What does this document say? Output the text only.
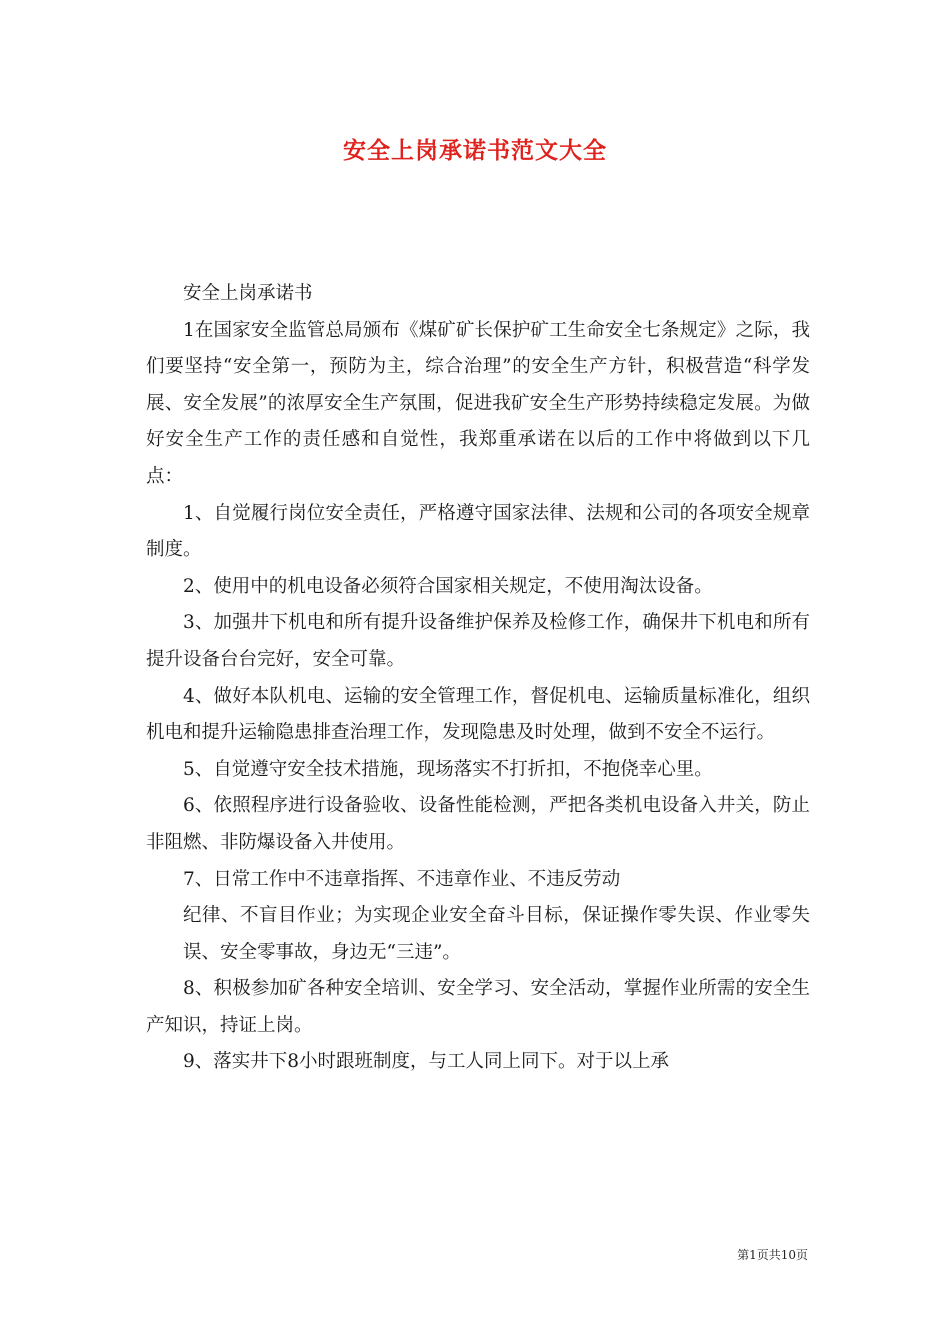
安全上岗承诺书范文大全

安全上岗承诺书

1在国家安全监管总局颁布《煤矿矿长保护矿工生命安全七条规定》之际，我们要坚持“安全第一，预防为主，综合治理”的安全生产方针，积极营造“科学发展、安全发展”的浓厚安全生产氛围，促进我矿安全生产形势持续稳定发展。为做好安全生产工作的责任感和自觉性，我郑重承诺在以后的工作中将做到以下几点：

1、自觉履行岗位安全责任，严格遵守国家法律、法规和公司的各项安全规章制度。

2、使用中的机电设备必须符合国家相关规定，不使用淘汰设备。

3、加强井下机电和所有提升设备维护保养及检修工作，确保井下机电和所有提升设备台台完好，安全可靠。

4、做好本队机电、运输的安全管理工作，督促机电、运输质量标准化，组织机电和提升运输隐患排查治理工作，发现隐患及时处理，做到不安全不运行。

5、自觉遵守安全技术措施，现场落实不打折扣，不抱侥幸心里。

6、依照程序进行设备验收、设备性能检测，严把各类机电设备入井关，防止非阻燃、非防爆设备入井使用。

7、日常工作中不违章指挥、不违章作业、不违反劳动

纪律、不盲目作业；为实现企业安全奋斗目标，保证操作零失误、作业零失误、安全零事故，身边无“三违”。

8、积极参加矿各种安全培训、安全学习、安全活动，掌握作业所需的安全生产知识，持证上岗。

9、落实井下8小时跟班制度，与工人同上同下。对于以上承

第1页共10页
